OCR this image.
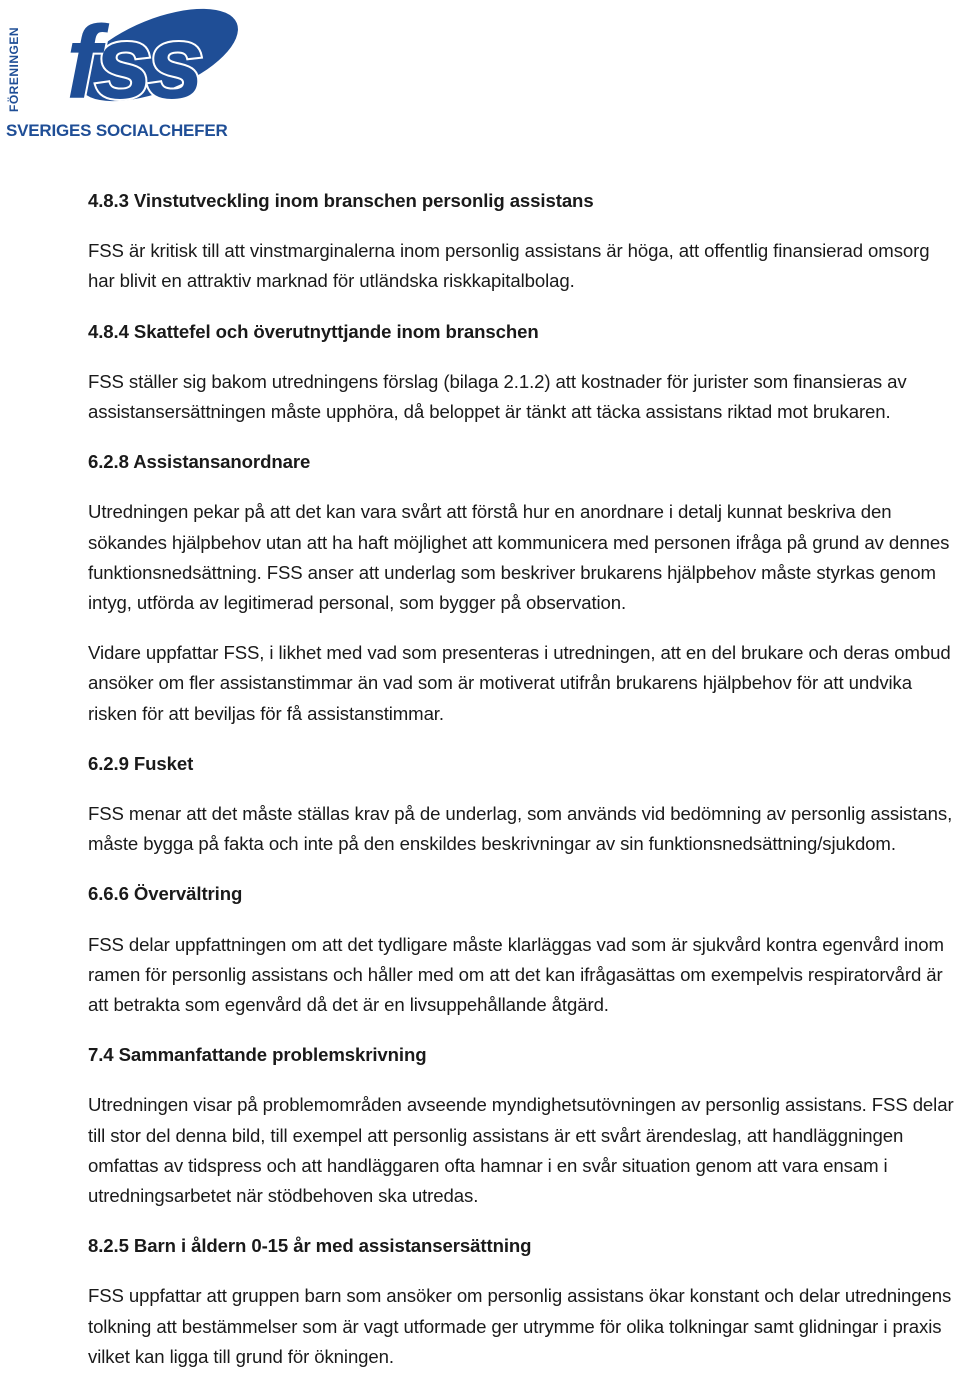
fss
FÖRENINGEN
SVERIGES SOCIALCHEFER
4.8.3 Vinstutveckling inom branschen personlig assistans

FSS är kritisk till att vinstmarginalerna inom personlig assistans är höga, att offentlig finansierad omsorg har blivit en attraktiv marknad för utländska riskkapitalbolag.

4.8.4 Skattefel och överutnyttjande inom branschen

FSS ställer sig bakom utredningens förslag (bilaga 2.1.2) att kostnader för jurister som finansieras av assistansersättningen måste upphöra, då beloppet är tänkt att täcka assistans riktad mot brukaren.

6.2.8 Assistansanordnare

Utredningen pekar på att det kan vara svårt att förstå hur en anordnare i detalj kunnat beskriva den sökandes hjälpbehov utan att ha haft möjlighet att kommunicera med personen ifråga på grund av dennes funktionsnedsättning. FSS anser att underlag som beskriver brukarens hjälpbehov måste styrkas genom intyg, utförda av legitimerad personal, som bygger på observation.

Vidare uppfattar FSS, i likhet med vad som presenteras i utredningen, att en del brukare och deras ombud ansöker om fler assistanstimmar än vad som är motiverat utifrån brukarens hjälpbehov för att undvika risken för att beviljas för få assistanstimmar.

6.2.9 Fusket

FSS menar att det måste ställas krav på de underlag, som används vid bedömning av personlig assistans, måste bygga på fakta och inte på den enskildes beskrivningar av sin funktionsnedsättning/sjukdom.

6.6.6 Övervältring

FSS delar uppfattningen om att det tydligare måste klarläggas vad som är sjukvård kontra egenvård inom ramen för personlig assistans och håller med om att det kan ifrågasättas om exempelvis respiratorvård är att betrakta som egenvård då det är en livsuppehållande åtgärd.

7.4 Sammanfattande problemskrivning

Utredningen visar på problemområden avseende myndighetsutövningen av personlig assistans. FSS delar till stor del denna bild, till exempel att personlig assistans är ett svårt ärendeslag, att handläggningen omfattas av tidspress och att handläggaren ofta hamnar i en svår situation genom att vara ensam i utredningsarbetet när stödbehoven ska utredas.

8.2.5 Barn i åldern 0-15 år med assistansersättning

FSS uppfattar att gruppen barn som ansöker om personlig assistans ökar konstant och delar utredningens tolkning att bestämmelser som är vagt utformade ger utrymme för olika tolkningar samt glidningar i praxis vilket kan ligga till grund för ökningen.
